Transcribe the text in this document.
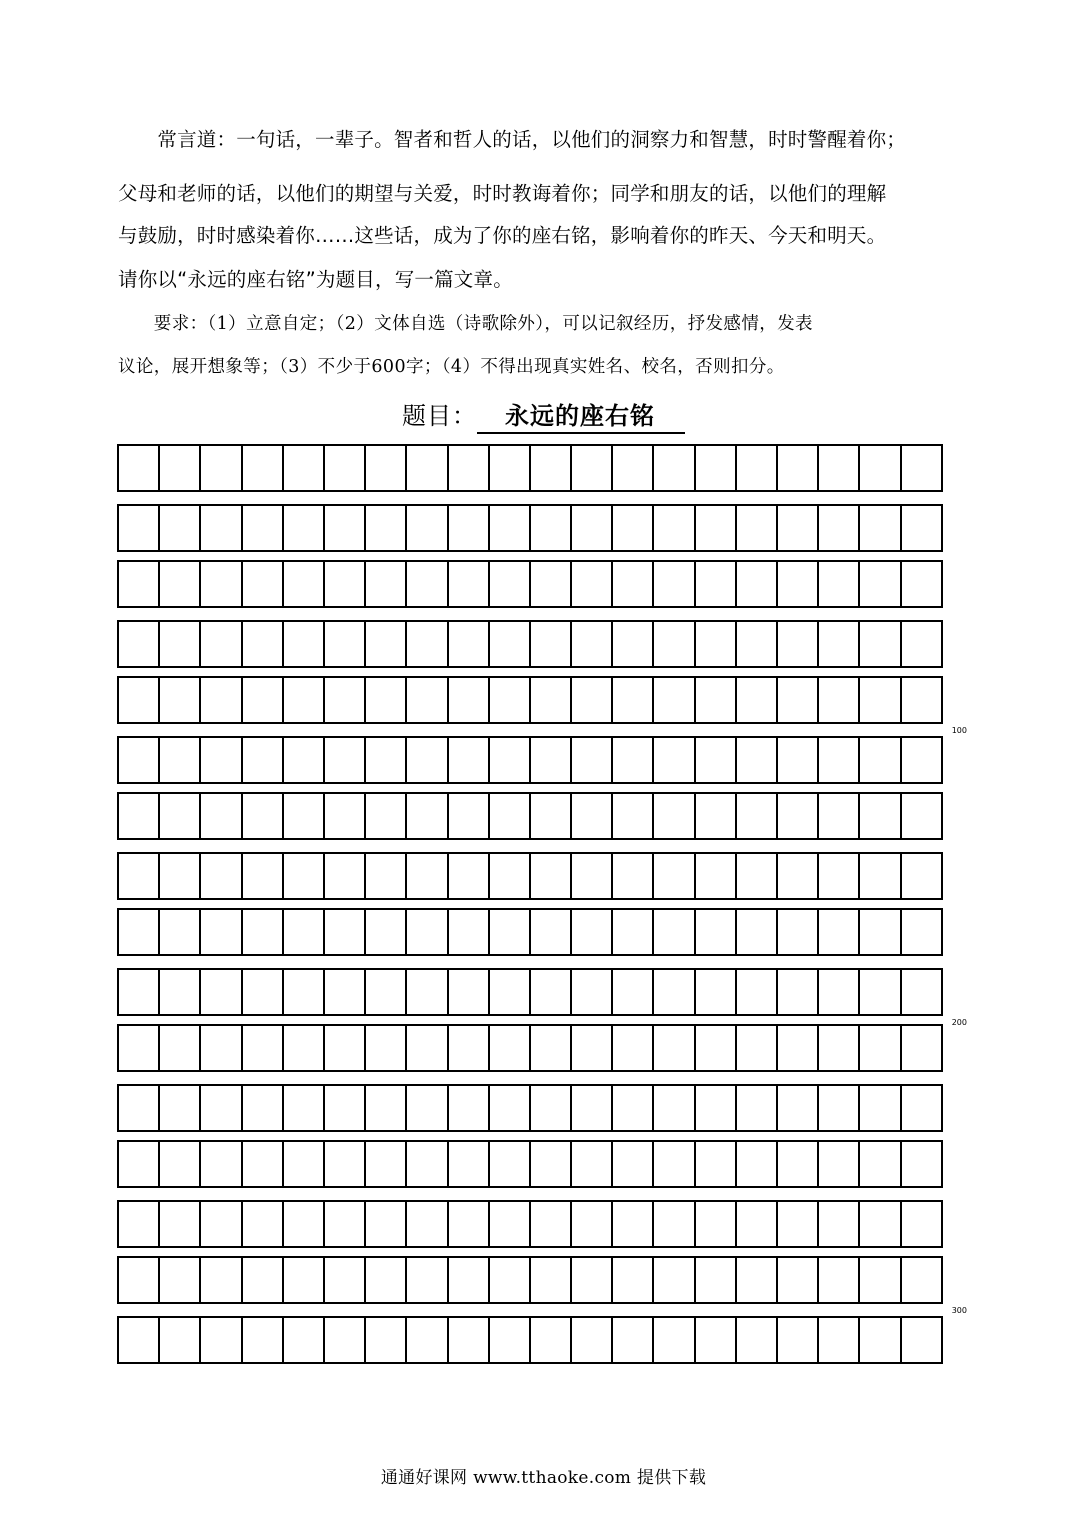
　　常言道：一句话，一辈子。智者和哲人的话，以他们的洞察力和智慧，时时警醒着你；
父母和老师的话，以他们的期望与关爱，时时教诲着你；同学和朋友的话，以他们的理解
与鼓励，时时感染着你……这些话，成为了你的座右铭，影响着你的昨天、今天和明天。
请你以“永远的座右铭”为题目，写一篇文章。
　　要求：（1）立意自定；（2）文体自选（诗歌除外），可以记叙经历，抒发感情，发表
议论，展开想象等；（3）不少于600字；（4）不得出现真实姓名、校名，否则扣分。
题目： 永远的座右铭
100
200
300
通通好课网 www.tthaoke.com 提供下载
